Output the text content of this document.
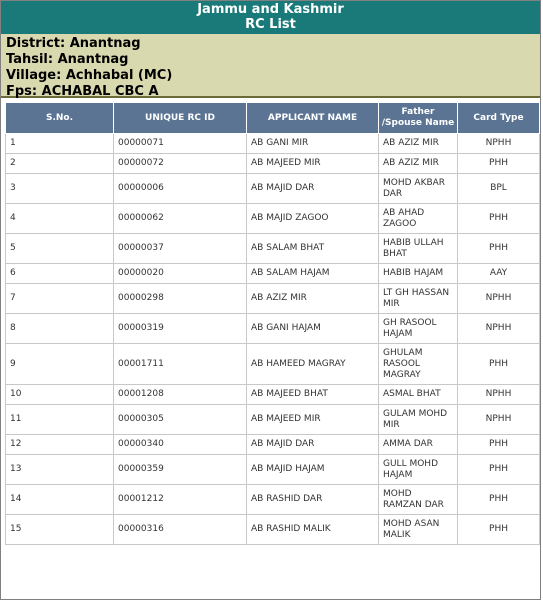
Jammu and Kashmir
RC List
District: Anantnag
Tahsil: Anantnag
Village: Achhabal (MC)
Fps: ACHABAL CBC A
S.No.	UNIQUE RC ID	APPLICANT NAME	Father /Spouse Name	Card Type
1	00000071	AB GANI MIR	AB AZIZ MIR	NPHH
2	00000072	AB MAJEED MIR	AB AZIZ MIR	PHH
3	00000006	AB MAJID DAR	MOHD AKBAR DAR	BPL
4	00000062	AB MAJID ZAGOO	AB AHAD ZAGOO	PHH
5	00000037	AB SALAM BHAT	HABIB ULLAH BHAT	PHH
6	00000020	AB SALAM HAJAM	HABIB HAJAM	AAY
7	00000298	AB AZIZ MIR	LT GH HASSAN MIR	NPHH
8	00000319	AB GANI HAJAM	GH RASOOL HAJAM	NPHH
9	00001711	AB HAMEED MAGRAY	GHULAM RASOOL MAGRAY	PHH
10	00001208	AB MAJEED BHAT	ASMAL BHAT	NPHH
11	00000305	AB MAJEED MIR	GULAM MOHD MIR	NPHH
12	00000340	AB MAJID DAR	AMMA DAR	PHH
13	00000359	AB MAJID HAJAM	GULL MOHD HAJAM	PHH
14	00001212	AB RASHID DAR	MOHD RAMZAN DAR	PHH
15	00000316	AB RASHID MALIK	MOHD ASAN MALIK	PHH
